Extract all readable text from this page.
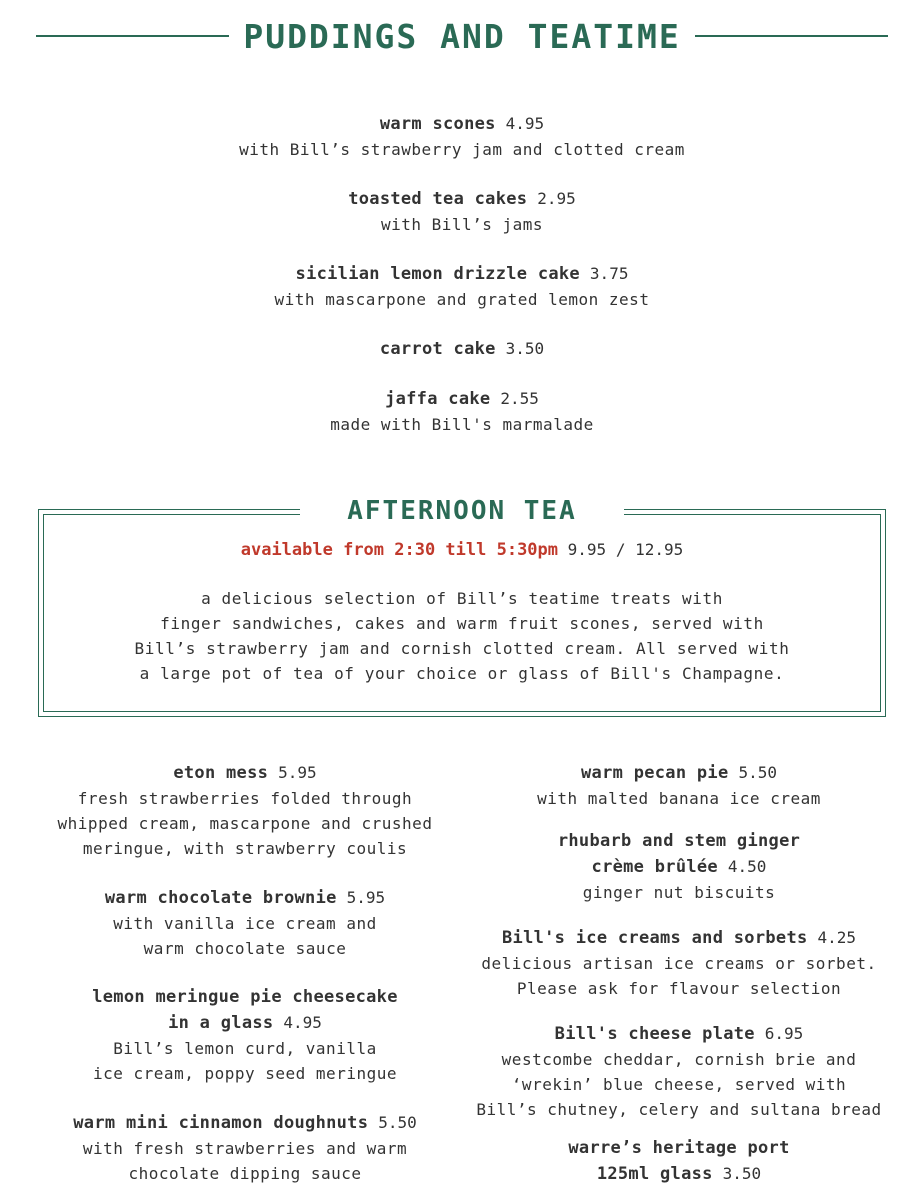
PUDDINGS AND TEATIME
warm scones 4.95
with Bill’s strawberry jam and clotted cream
toasted tea cakes 2.95
with Bill’s jams
sicilian lemon drizzle cake 3.75
with mascarpone and grated lemon zest
carrot cake 3.50
jaffa cake 2.55
made with Bill's marmalade
AFTERNOON TEA
available from 2:30 till 5:30pm 9.95 / 12.95
a delicious selection of Bill’s teatime treats with
finger sandwiches, cakes and warm fruit scones, served with
Bill’s strawberry jam and cornish clotted cream. All served with
a large pot of tea of your choice or glass of Bill's Champagne.
eton mess 5.95
fresh strawberries folded through
whipped cream, mascarpone and crushed
meringue, with strawberry coulis
warm chocolate brownie 5.95
with vanilla ice cream and
warm chocolate sauce
lemon meringue pie cheesecake
in a glass 4.95
Bill’s lemon curd, vanilla
ice cream, poppy seed meringue
warm mini cinnamon doughnuts 5.50
with fresh strawberries and warm
chocolate dipping sauce
warm pecan pie 5.50
with malted banana ice cream
rhubarb and stem ginger
crème brûlée 4.50
ginger nut biscuits
Bill's ice creams and sorbets 4.25
delicious artisan ice creams or sorbet.
Please ask for flavour selection
Bill's cheese plate 6.95
westcombe cheddar, cornish brie and
‘wrekin’ blue cheese, served with
Bill’s chutney, celery and sultana bread
warre’s heritage port
125ml glass 3.50
